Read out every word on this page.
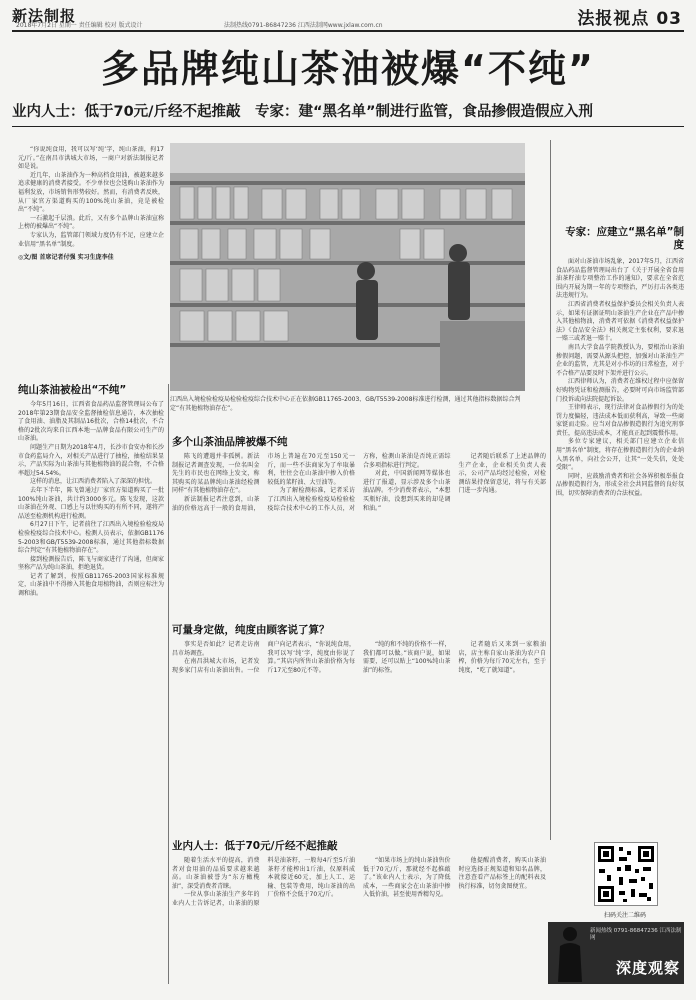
新法制报
2018年7月2日 星期一 责任编辑 校对 版式设计	法制热线0791-86847236 江西法制网www.jxlaw.com.cn	法报视点 03
多品牌纯山茶油被爆“不纯”
业内人士：低于70元/斤经不起推敲　专家：建“黑名单”制进行监管，食品掺假造假应入刑

“你说纯食用，我可以写‘纯’字，纯山茶油，拘17元/斤。”在南昌市洪城大市场，一商户对新法制报记者如是说。

近几年，山茶油作为一种高档食用油，被越来越多追求健康的消费者接受。不少单位也会选购山茶油作为福利发放，市场销售形势较好。然而，有消费者反映，从厂家官方渠道购买的100%纯山茶油，竟是被检出“不纯”。

一石激起千层浪。此后，又有多个品牌山茶油宣称上榜的被爆出“不纯”。

专家认为，监管部门领域力度仍有不足，应建立企业信用“黑名单”制度。

◎文/图 首席记者付强 实习生庞李佳
江西出入境检验检疫局检验检疫综合技术中心正在依据GB11765-2003、GB/T5539-2008标准进行检测，通过其他指标数据综合判定“有其他植物油存在”。
纯山茶油被检出“不纯”

今年5月16日，江西省食品药品监督管理局公布了2018年第23期食品安全监督抽检信息通告，本次抽检了食用油、油脂及其制品16批次，合格14批次，不合格的2批次均来自江西本地一品牌食品有限公司生产的山茶油。

问题生产日期为2018年4月，长沙市食安办和长沙市食药监局介入，对相关产品进行了抽检，抽检结果显示，产品实际为山茶油与其他植物油的混合物，不合格率超过54.54%。

这样的消息，让江西消费者陷入了深深的担忧。

去年下半年，陈飞曾通过厂家官方渠道购买了一批100%纯山茶油，共计约3000多元。陈飞发现，这款山茶油在外观、口感上与以往购买的有所不同，遂将产品送至检测机构进行检测。

6月27日下午，记者前往了江西出入境检验检疫局检验检疫综合技术中心。检测人员表示，依据GB11765-2003和GB/T5539-2008标准，通过其他指标数据综合判定“有其他植物油存在”。

接到检测报告后，陈飞与商家进行了沟通，但商家坚称产品为纯山茶油，拒绝退货。

记者了解到，按照GB11765-2003国家标准规定，山茶油中不得掺入其他食用植物油，否则应标注为调和油。

多个山茶油品牌被爆不纯

陈飞的遭遇并非孤例。新法制报记者调查发现，一位名叫金先生的市民也在网络上发文，称其购买的某品牌纯山茶油经检测同样“有其他植物油存在”。

新法制报记者注意到，山茶油的价格远高于一般的食用油，市场上普遍在70元至150元一斤，而一些不法商家为了牟取暴利，往往会在山茶油中掺入价格较低的菜籽油、大豆油等。

为了解检测标准，记者采访了江西出入境检验检疫局检验检疫综合技术中心的工作人员，对方称，检测山茶油是否纯正需综合多项指标进行判定。

对此，中国新闻网等媒体也进行了报道，显示涉及多个山茶油品牌。不少消费者表示，“本想买瓶好油，没想到买来的却是调和油。”

记者随后联系了上述品牌的生产企业，企业相关负责人表示，公司产品均经过检验，对检测结果持保留意见，将与有关部门进一步沟通。

可量身定做，纯度由顾客说了算？

事实是否如此？记者走访南昌市场调查。

在南昌洪城大市场，记者发现多家门店有山茶油出售。一位商户向记者表示，“你说纯食用，我可以写‘纯’字，纯度由你说了算。”其店内所售山茶油价格为每斤17元至80元不等。

“纯的和不纯的价格不一样，我们都可以做。”该商户说，如果需要，还可以贴上“100%纯山茶油”的标签。

记者随后又来到一家粮油店，店主称自家山茶油为农户自榨，价格为每斤70元左右，至于纯度，“吃了就知道”。

业内人士：低于70元/斤经不起推敲

随着生活水平的提高，消费者对食用油的品质要求越来越高。山茶油被誉为“东方橄榄油”，深受消费者青睐。

一位从事山茶油生产多年的业内人士告诉记者，山茶油的原料是油茶籽，一般每4斤至5斤油茶籽才能榨出1斤油，仅原料成本就接近60元，加上人工、运输、包装等费用，纯山茶油的出厂价格不会低于70元/斤。

“如果市场上的纯山茶油售价低于70元/斤，那就经不起推敲了。”该业内人士表示，为了降低成本，一些商家会在山茶油中掺入低价油，甚至使用香精勾兑。

他提醒消费者，购买山茶油时应选择正规渠道和知名品牌，注意查看产品标签上的配料表及执行标准，切勿贪图便宜。

专家：应建立“黑名单”制度

面对山茶油市场乱象，2017年5月，江西省食品药品监督管理局出台了《关于开展全省食用油茶籽油专项整治工作的通知》，要求在全省范围内开展为期一年的专项整治，严厉打击各类违法违规行为。

江西省消费者权益保护委员会相关负责人表示，如果有证据证明山茶油生产企业在产品中掺入其他植物油，消费者可依据《消费者权益保护法》《食品安全法》相关规定主张权利，要求退一赔三或者退一赔十。

南昌大学食品学院教授认为，要根治山茶油掺假问题，需要从源头把控，加强对山茶油生产企业的监管，尤其是对小作坊的日常检查，对于不合格产品要及时下架并进行公示。

江西律师认为，消费者在维权过程中应保留好购物凭证和检测报告，必要时可向市场监管部门投诉或向法院提起诉讼。

王律师表示，现行法律对食品掺假行为的处罚力度偏轻，违法成本低而获利高，导致一些商家铤而走险。应当对食品掺假造假行为追究刑事责任，提高违法成本，才能真正起到震慑作用。

多位专家建议，相关部门应建立企业信用“黑名单”制度，将存在掺假造假行为的企业纳入黑名单，向社会公开，让其“一处失信，处处受限”。

同时，应鼓励消费者和社会各界积极举报食品掺假造假行为，形成全社会共同监督的良好氛围，切实保障消费者的合法权益。

扫码关注二维码
新闻热线 0791-86847236 江西法制网
深度观察
